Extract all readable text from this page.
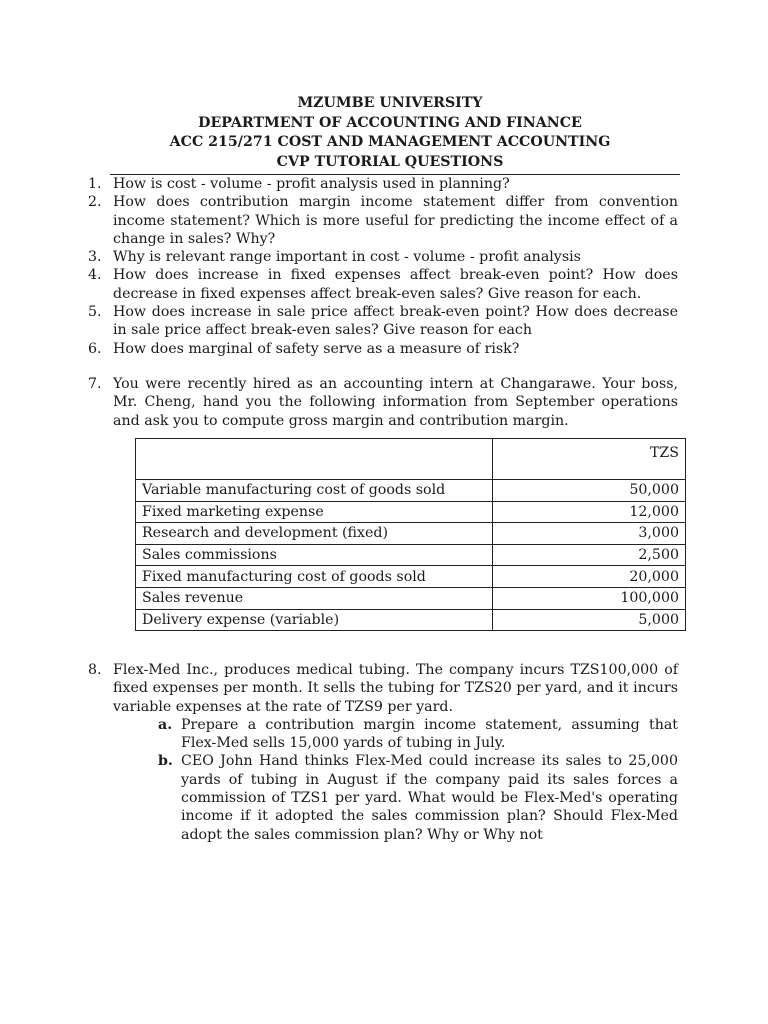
MZUMBE UNIVERSITY
DEPARTMENT OF ACCOUNTING AND FINANCE
ACC 215/271 COST AND MANAGEMENT ACCOUNTING
CVP TUTORIAL QUESTIONS
1. How is cost - volume - profit analysis used in planning?
2. How does contribution margin income statement differ from convention income statement? Which is more useful for predicting the income effect of a change in sales? Why?
3. Why is relevant range important in cost - volume - profit analysis
4. How does increase in fixed expenses affect break-even point? How does decrease in fixed expenses affect break-even sales? Give reason for each.
5. How does increase in sale price affect break-even point? How does decrease in sale price affect break-even sales? Give reason for each
6. How does marginal of safety serve as a measure of risk?
7. You were recently hired as an accounting intern at Changarawe. Your boss, Mr. Cheng, hand you the following information from September operations and ask you to compute gross margin and contribution margin.
	TZS
Variable manufacturing cost of goods sold	50,000
Fixed marketing expense	12,000
Research and development (fixed)	3,000
Sales commissions	2,500
Fixed manufacturing cost of goods sold	20,000
Sales revenue	100,000
Delivery expense (variable)	5,000
8. Flex-Med Inc., produces medical tubing. The company incurs TZS100,000 of fixed expenses per month. It sells the tubing for TZS20 per yard, and it incurs variable expenses at the rate of TZS9 per yard.
a. Prepare a contribution margin income statement, assuming that Flex-Med sells 15,000 yards of tubing in July.
b. CEO John Hand thinks Flex-Med could increase its sales to 25,000 yards of tubing in August if the company paid its sales forces a commission of TZS1 per yard. What would be Flex-Med's operating income if it adopted the sales commission plan? Should Flex-Med adopt the sales commission plan? Why or Why not
